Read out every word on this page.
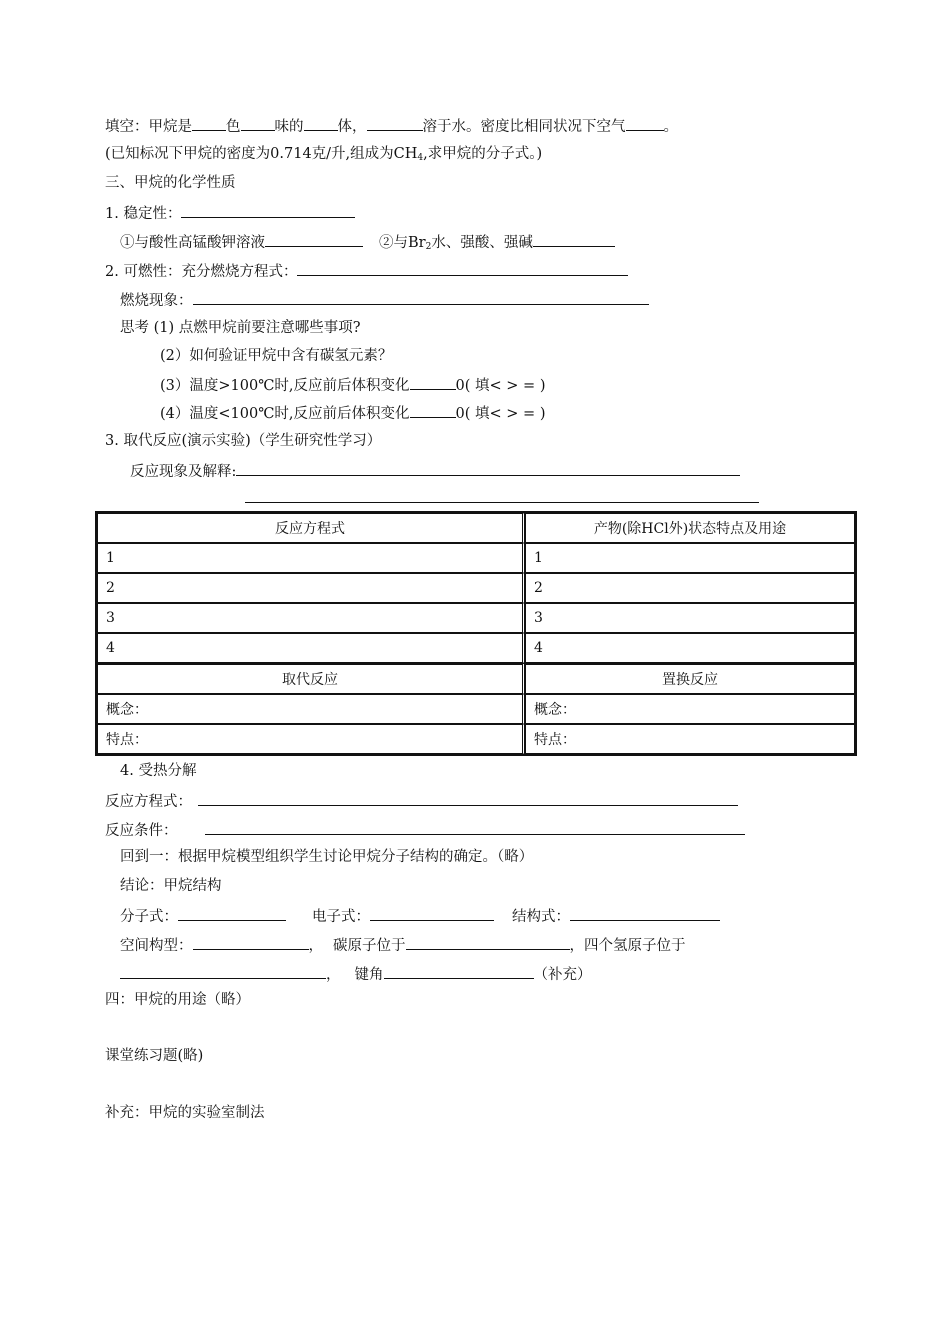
填空：甲烷是 色 味的 体，	溶于水。密度比相同状况下空气	。
(已知标况下甲烷的密度为0.714克/升,组成为$CH_4$,求甲烷的分子式。)
三、甲烷的化学性质
1. 稳定性：
①与酸性高锰酸钾溶液	②与$Br_2$水、强酸、强碱
2. 可燃性：充分燃烧方程式：
燃烧现象：
思考 (1) 点燃甲烷前要注意哪些事项?
(2）如何验证甲烷中含有碳氢元素？
(3）温度>100℃时,反应前后体积变化	0( 填< > = )
(4）温度<100℃时,反应前后体积变化	0( 填< > = )
3. 取代反应(演示实验)（学生研究性学习）
反应现象及解释:
反应方程式	产物(除HCl外)状态特点及用途
1	1
2	2
3	3
4	4
取代反应	置换反应
概念：	概念：
特点：	特点：
4. 受热分解
反应方程式：
反应条件：
回到一：根据甲烷模型组织学生讨论甲烷分子结构的确定。（略）
结论：甲烷结构
分子式：	电子式：	结构式：
空间构型：	， 碳原子位于	，四个氢原子位于
， 键角	（补充）
四：甲烷的用途（略）
课堂练习题(略)
补充：甲烷的实验室制法
